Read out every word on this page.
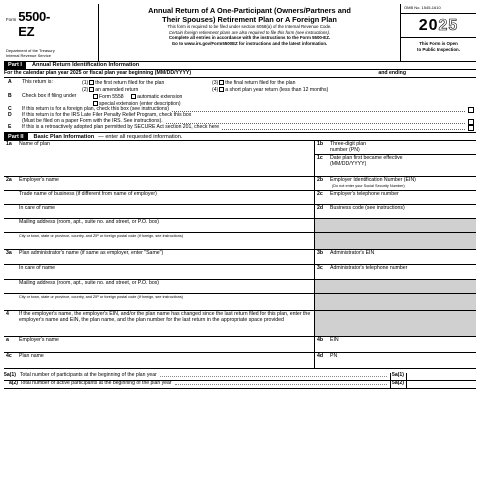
Form 5500-EZ
Department of the Treasury
Internal Revenue Service
Annual Return of A One-Participant (Owners/Partners and
Their Spouses) Retirement Plan or A Foreign Plan
This form is required to be filed under section 6058(a) of the Internal Revenue Code.
Certain foreign retirement plans are also required to file this form (see instructions).
Complete all entries in accordance with the instructions to the Form 5500-EZ.
Go to www.irs.gov/Form5500EZ for instructions and the latest information.
OMB No. 1545-1610
2025
This Form is Open
to Public Inspection.
Part I	Annual Return Identification Information
For the calendar plan year 2025 or fiscal plan year beginning (MM/DD/YYYY)	and ending
A	This return is:	(1) the first return filed for the plan	(3) the final return filed for the plan
(2) an amended return	(4) a short plan year return (less than 12 months)
B	Check box if filing under	Form 5558	automatic extension
special extension (enter description)
C	If this return is for a foreign plan, check this box (see instructions)
D	If this return is for the IRS Late Filer Penalty Relief Program, check this box
(Must be filed on a paper Form with the IRS. See instructions).
E	If this is a retroactively adopted plan permitted by SECURE Act section 201, check here
Part II	Basic Plan Information — enter all requested information.
1a	Name of plan	1b	Three-digit plan number (PN)
1c	Date plan first became effective (MM/DD/YYYY)
2a	Employer's name	2b	Employer Identification Number (EIN)
(Do not enter your Social Security Number)
Trade name of business (if different from name of employer)	2c	Employer's telephone number
In care of name	2d	Business code (see instructions)
Mailing address (room, apt., suite no. and street, or P.O. box)
City or town, state or province, country, and ZIP or foreign postal code (if foreign, see instructions)
3a	Plan administrator's name (if same as employer, enter "Same")	3b	Administrator's EIN
In care of name	3c	Administrator's telephone number
Mailing address (room, apt., suite no. and street, or P.O. box)
City or town, state or province, country, and ZIP or foreign postal code (if foreign, see instructions)
4	If the employer's name, the employer's EIN, and/or the plan name has changed since the last return filed for this plan, enter the employer's name and EIN, the plan name, and the plan number for the last return in the appropriate space provided
a	Employer's name	4b	EIN
4c	Plan name	4d	PN
5a(1) Total number of participants at the beginning of the plan year	5a(1)
a(2) Total number of active participants at the beginning of the plan year	5a(2)
